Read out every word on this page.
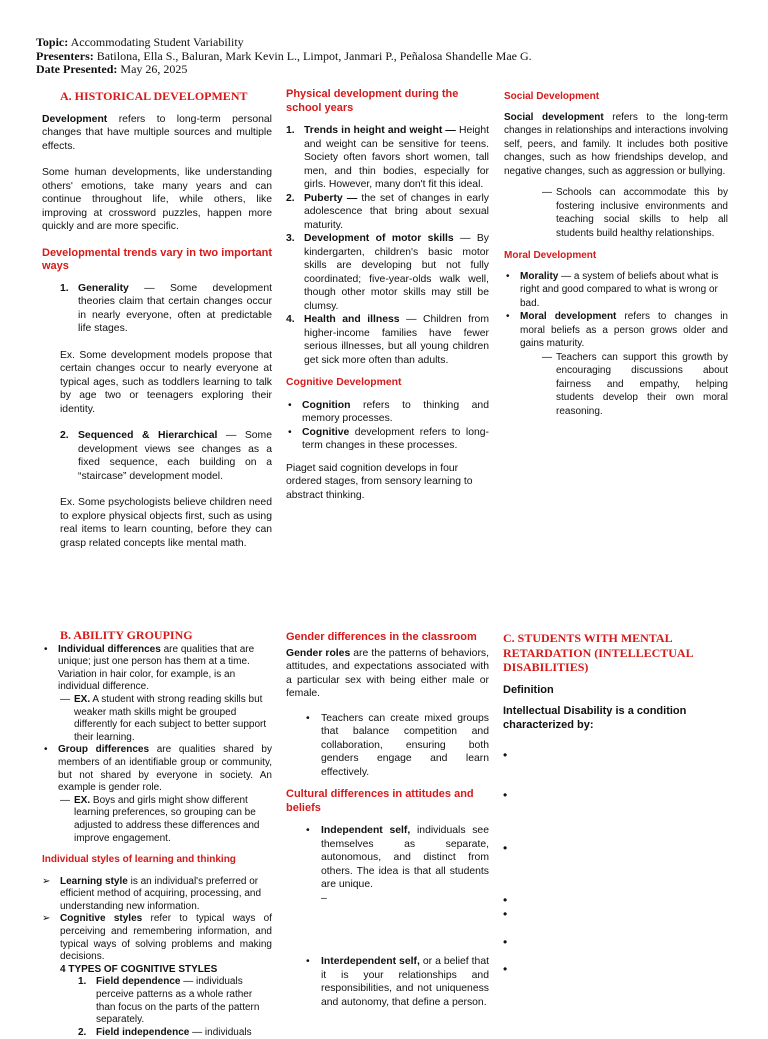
Topic: Accommodating Student Variability
Presenters: Batilona, Ella S., Baluran, Mark Kevin L., Limpot, Janmari P., Peñalosa Shandelle Mae G.
Date Presented: May 26, 2025
A. HISTORICAL DEVELOPMENT

Development refers to long-term personal changes that have multiple sources and multiple effects.

Some human developments, like understanding others' emotions, take many years and can continue throughout life, while others, like improving at crossword puzzles, happen more quickly and are more specific.

Developmental trends vary in two important ways

1. Generality — Some development theories claim that certain changes occur in nearly everyone, often at predictable life stages.

Ex. Some development models propose that certain changes occur to nearly everyone at typical ages, such as toddlers learning to talk by age two or teenagers exploring their identity.

2. Sequenced & Hierarchical — Some development views see changes as a fixed sequence, each building on a “staircase” development model.

Ex. Some psychologists believe children need to explore physical objects first, such as using real items to learn counting, before they can grasp related concepts like mental math.

Physical development during the school years

1. Trends in height and weight — Height and weight can be sensitive for teens. Society often favors short women, tall men, and thin bodies, especially for girls. However, many don't fit this ideal.
2. Puberty — the set of changes in early adolescence that bring about sexual maturity.
3. Development of motor skills — By kindergarten, children's basic motor skills are developing but not fully coordinated; five-year-olds walk well, though other motor skills may still be clumsy.
4. Health and illness — Children from higher-income families have fewer serious illnesses, but all young children get sick more often than adults.

Cognitive Development

• Cognition refers to thinking and memory processes.
• Cognitive development refers to long-term changes in these processes.

Piaget said cognition develops in four ordered stages, from sensory learning to abstract thinking.

Social Development

Social development refers to the long-term changes in relationships and interactions involving self, peers, and family. It includes both positive changes, such as how friendships develop, and negative changes, such as aggression or bullying.

— Schools can accommodate this by fostering inclusive environments and teaching social skills to help all students build healthy relationships.

Moral Development

• Morality — a system of beliefs about what is right and good compared to what is wrong or bad.
• Moral development refers to changes in moral beliefs as a person grows older and gains maturity.
— Teachers can support this growth by encouraging discussions about fairness and empathy, helping students develop their own moral reasoning.
B. ABILITY GROUPING
• Individual differences are qualities that are unique; just one person has them at a time. Variation in hair color, for example, is an individual difference.
— EX. A student with strong reading skills but weaker math skills might be grouped differently for each subject to better support their learning.
• Group differences are qualities shared by members of an identifiable group or community, but not shared by everyone in society. An example is gender role.
— EX. Boys and girls might show different learning preferences, so grouping can be adjusted to address these differences and improve engagement.

Individual styles of learning and thinking

➢ Learning style is an individual's preferred or efficient method of acquiring, processing, and understanding new information.
➢ Cognitive styles refer to typical ways of perceiving and remembering information, and typical ways of solving problems and making decisions.

4 TYPES OF COGNITIVE STYLES

1. Field dependence — individuals perceive patterns as a whole rather than focus on the parts of the pattern separately.
2. Field independence — individuals

Gender differences in the classroom

Gender roles are the patterns of behaviors, attitudes, and expectations associated with a particular sex with being either male or female.

• Teachers can create mixed groups that balance competition and collaboration, ensuring both genders engage and learn effectively.

Cultural differences in attitudes and beliefs

• Independent self, individuals see themselves as separate, autonomous, and distinct from others. The idea is that all students are unique.

–

• Interdependent self, or a belief that it is your relationships and responsibilities, and not uniqueness and autonomy, that define a person.
C. STUDENTS WITH MENTAL RETARDATION (INTELLECTUAL DISABILITIES)

Definition

Intellectual Disability is a condition characterized by:

•
•
•
•
•
•
•
